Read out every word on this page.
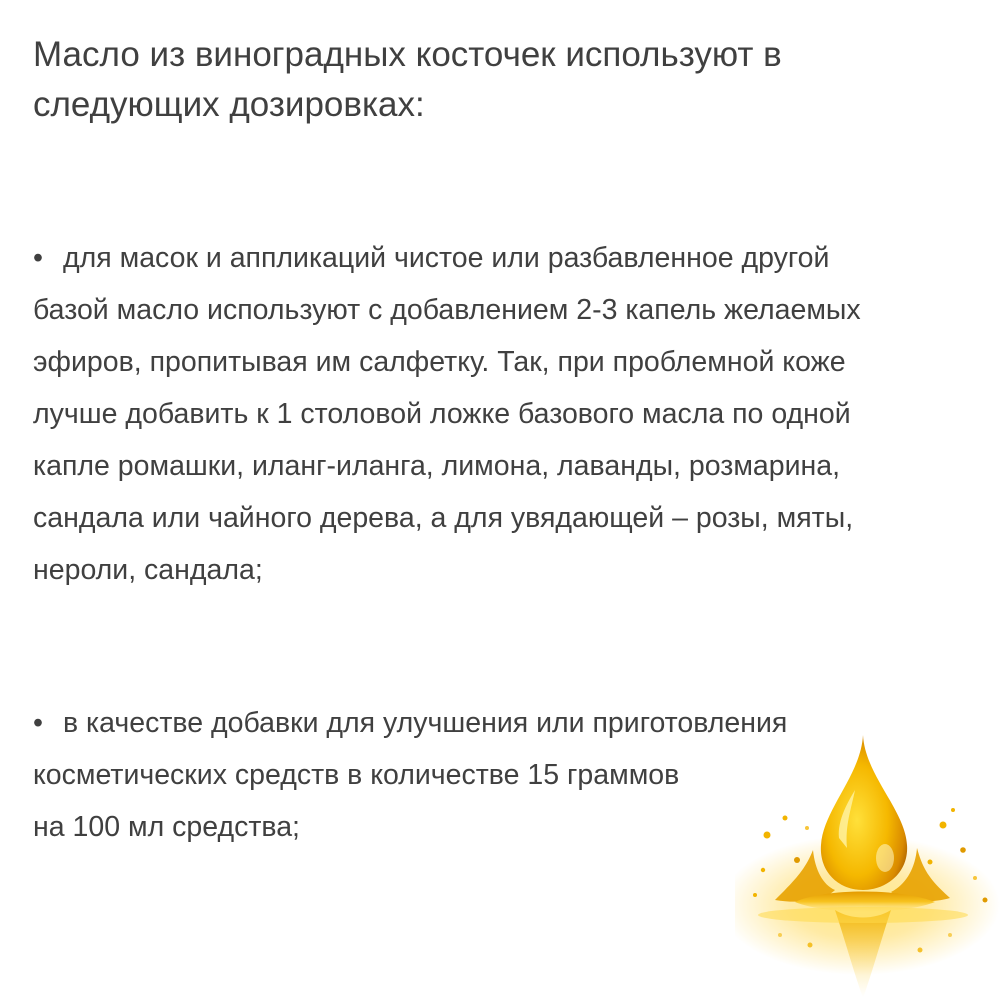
Масло из виноградных косточек используют в
следующих дозировках:
• для масок и аппликаций чистое или разбавленное другой
базой масло используют с добавлением 2-3 капель желаемых
эфиров, пропитывая им салфетку. Так, при проблемной коже
лучше добавить к 1 столовой ложке базового масла по одной
капле ромашки, иланг-иланга, лимона, лаванды, розмарина,
сандала или чайного дерева, а для увядающей – розы, мяты,
нероли, сандала;
• в качестве добавки для улучшения или приготовления
косметических средств в количестве 15 граммов
на 100 мл средства;
